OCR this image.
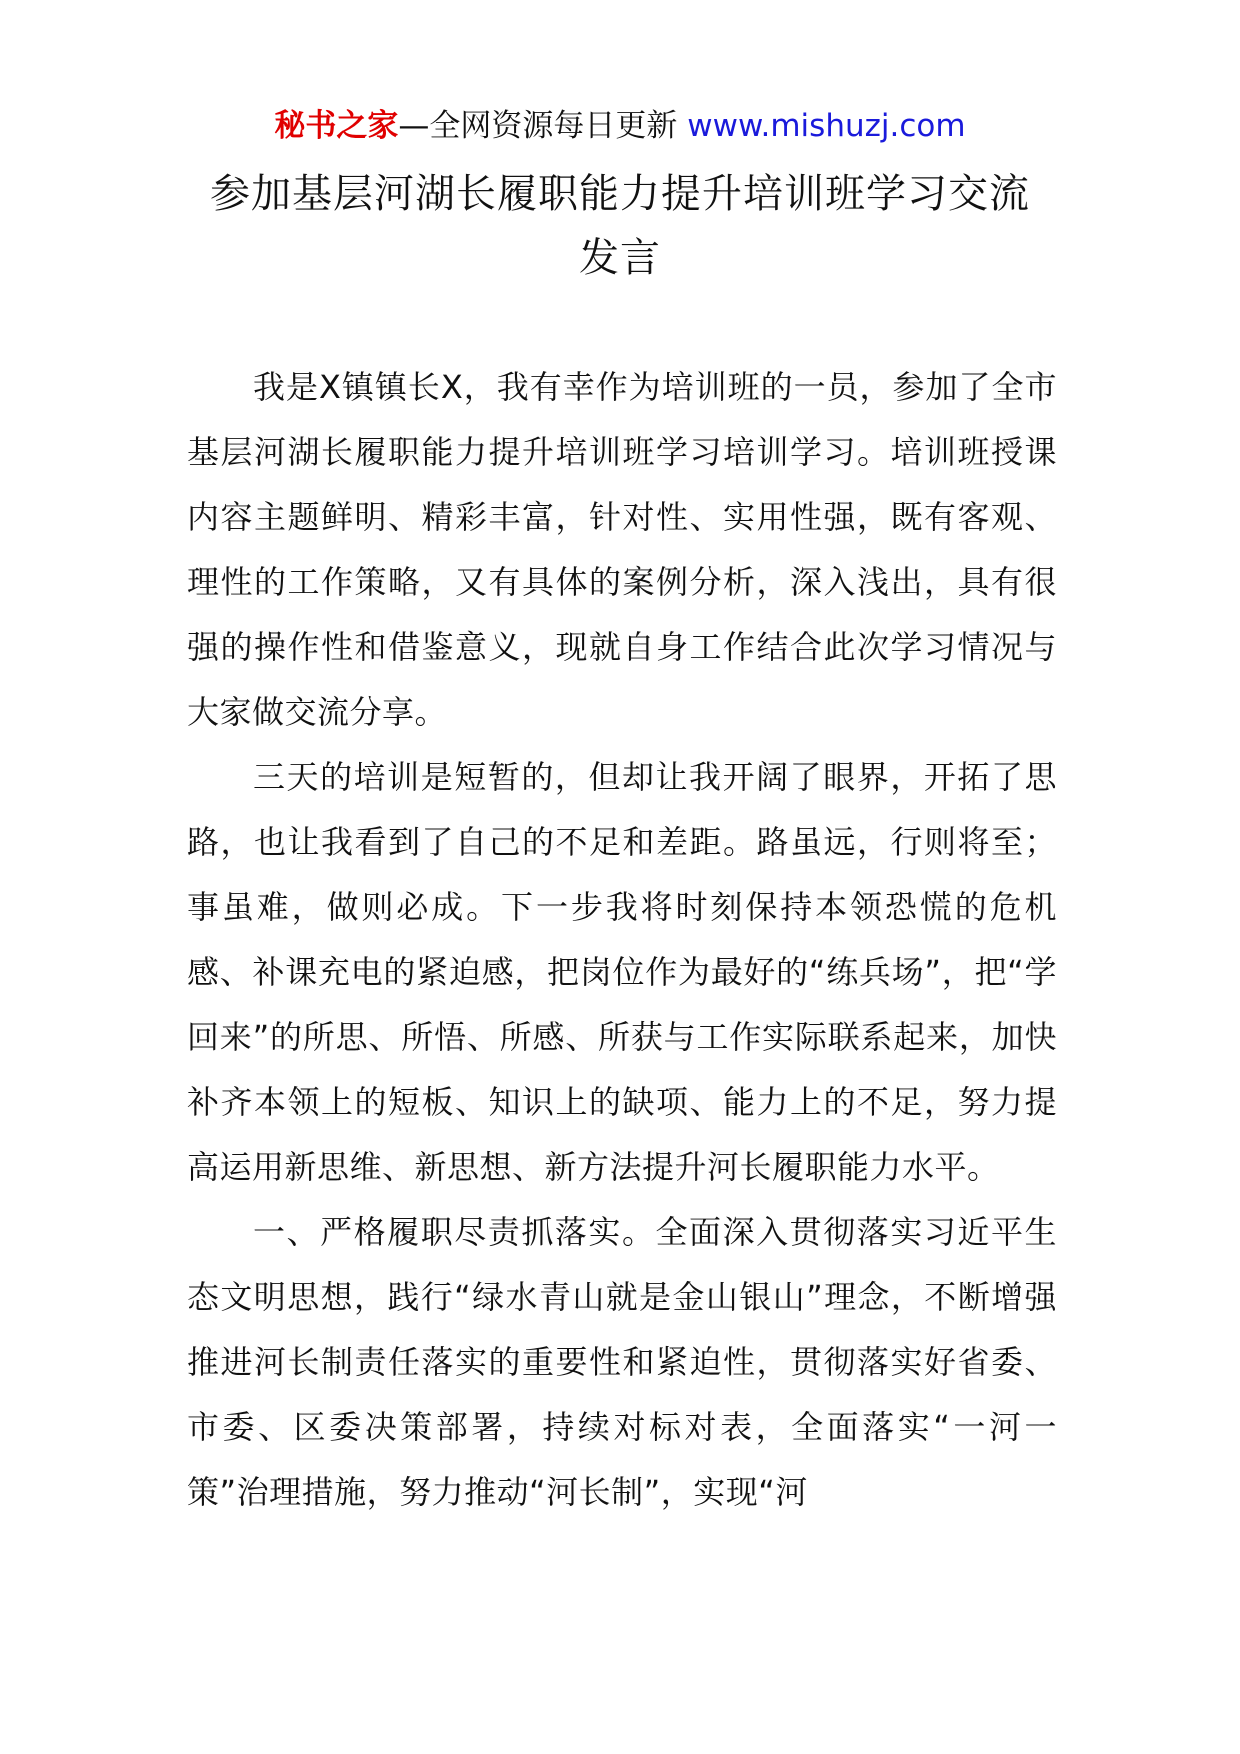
秘书之家—全网资源每日更新 www.mishuzj.com
参加基层河湖长履职能力提升培训班学习交流
发言

我是X镇镇长X，我有幸作为培训班的一员，参加了全市基层河湖长履职能力提升培训班学习培训学习。培训班授课内容主题鲜明、精彩丰富，针对性、实用性强，既有客观、理性的工作策略，又有具体的案例分析，深入浅出，具有很强的操作性和借鉴意义，现就自身工作结合此次学习情况与大家做交流分享。

三天的培训是短暂的，但却让我开阔了眼界，开拓了思路，也让我看到了自己的不足和差距。路虽远，行则将至；事虽难，做则必成。下一步我将时刻保持本领恐慌的危机感、补课充电的紧迫感，把岗位作为最好的“练兵场”，把“学回来”的所思、所悟、所感、所获与工作实际联系起来，加快补齐本领上的短板、知识上的缺项、能力上的不足，努力提高运用新思维、新思想、新方法提升河长履职能力水平。

一、严格履职尽责抓落实。全面深入贯彻落实习近平生态文明思想，践行“绿水青山就是金山银山”理念，不断增强推进河长制责任落实的重要性和紧迫性，贯彻落实好省委、市委、区委决策部署，持续对标对表，全面落实“一河一策”治理措施，努力推动“河长制”，实现“河
